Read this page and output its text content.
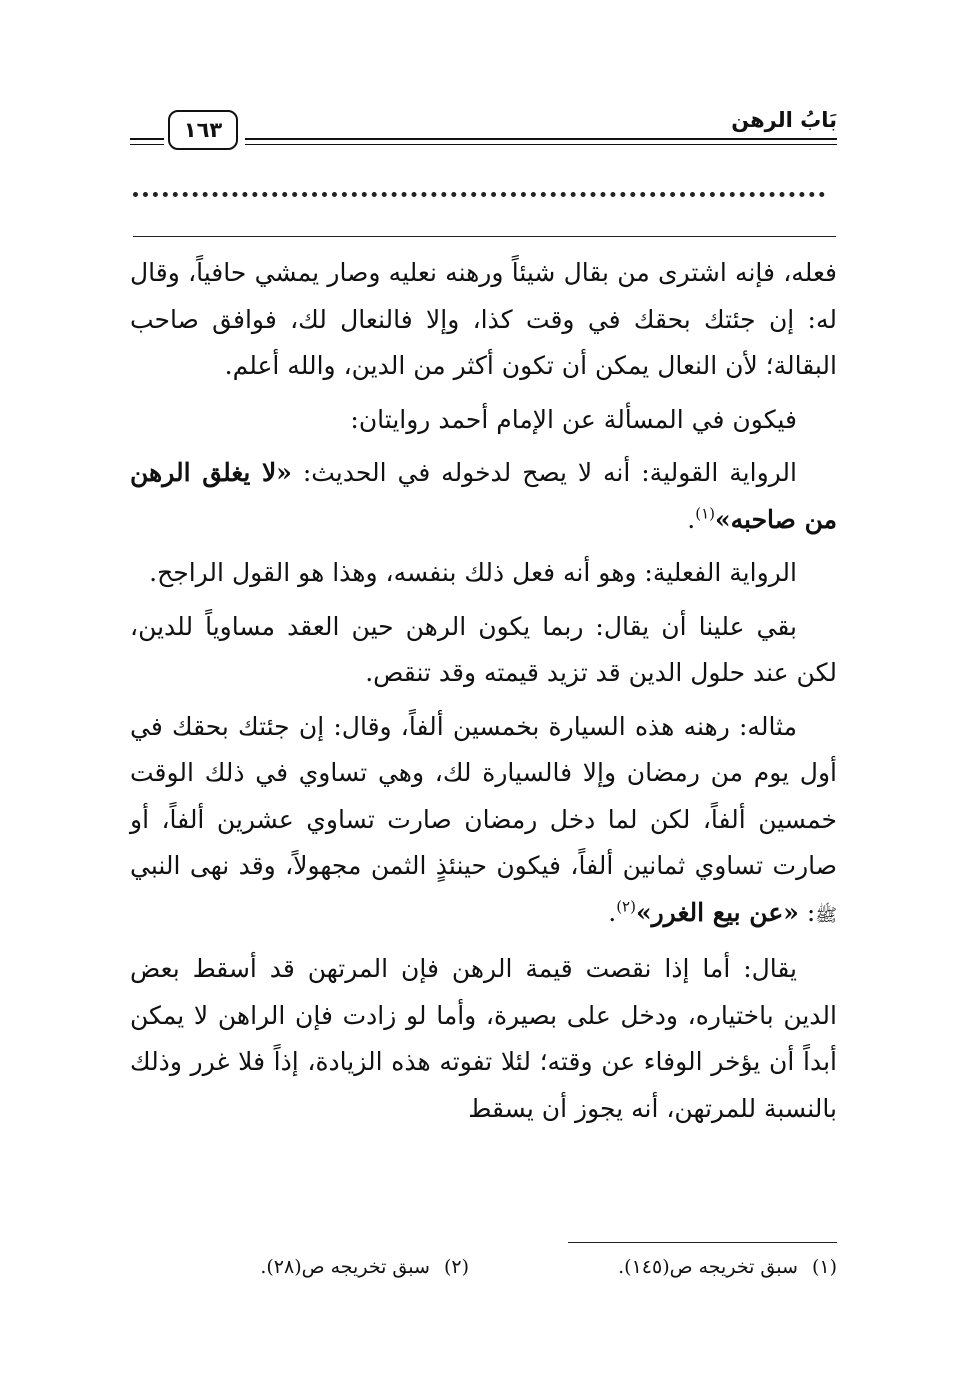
بَابُ الرهن
١٦٣

فعله، فإنه اشترى من بقال شيئاً ورهنه نعليه وصار يمشي حافياً، وقال له: إن جئتك بحقك في وقت كذا، وإلا فالنعال لك، فوافق صاحب البقالة؛ لأن النعال يمكن أن تكون أكثر من الدين، والله أعلم.

فيكون في المسألة عن الإمام أحمد روايتان:

الرواية القولية: أنه لا يصح لدخوله في الحديث: «لا يغلق الرهن من صاحبه»$^{(١)}$.

الرواية الفعلية: وهو أنه فعل ذلك بنفسه، وهذا هو القول الراجح.

بقي علينا أن يقال: ربما يكون الرهن حين العقد مساوياً للدين، لكن عند حلول الدين قد تزيد قيمته وقد تنقص.

مثاله: رهنه هذه السيارة بخمسين ألفاً، وقال: إن جئتك بحقك في أول يوم من رمضان وإلا فالسيارة لك، وهي تساوي في ذلك الوقت خمسين ألفاً، لكن لما دخل رمضان صارت تساوي عشرين ألفاً، أو صارت تساوي ثمانين ألفاً، فيكون حينئذٍ الثمن مجهولاً، وقد نهى النبي ﷺ: «عن بيع الغرر»$^{(٢)}$.

يقال: أما إذا نقصت قيمة الرهن فإن المرتهن قد أسقط بعض الدين باختياره، ودخل على بصيرة، وأما لو زادت فإن الراهن لا يمكن أبداً أن يؤخر الوفاء عن وقته؛ لئلا تفوته هذه الزيادة، إذاً فلا غرر وذلك بالنسبة للمرتهن، أنه يجوز أن يسقط

(١)سبق تخريجه ص(١٤٥).
(٢)سبق تخريجه ص(٢٨).
